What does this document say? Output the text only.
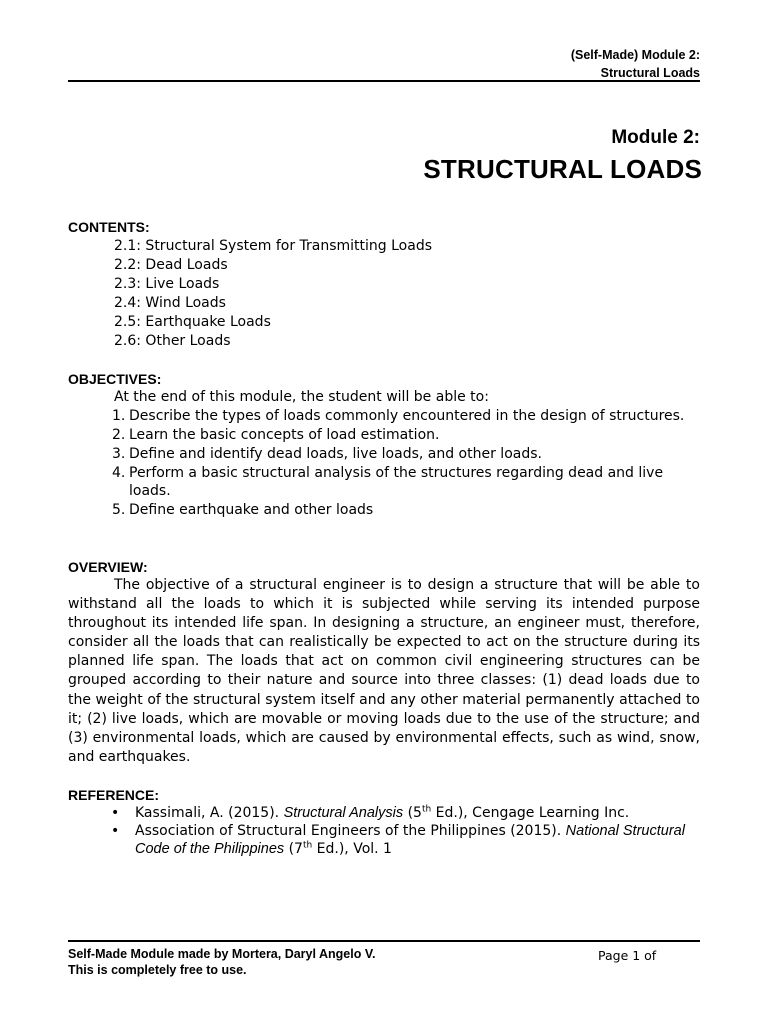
(Self-Made) Module 2:
Structural Loads
Module 2:
STRUCTURAL LOADS
CONTENTS:
2.1: Structural System for Transmitting Loads
2.2: Dead Loads
2.3: Live Loads
2.4: Wind Loads
2.5: Earthquake Loads
2.6: Other Loads
OBJECTIVES:
At the end of this module, the student will be able to:
1. Describe the types of loads commonly encountered in the design of structures.
2. Learn the basic concepts of load estimation.
3. Define and identify dead loads, live loads, and other loads.
4. Perform a basic structural analysis of the structures regarding dead and live loads.
5. Define earthquake and other loads
OVERVIEW:
The objective of a structural engineer is to design a structure that will be able to withstand all the loads to which it is subjected while serving its intended purpose throughout its intended life span. In designing a structure, an engineer must, therefore, consider all the loads that can realistically be expected to act on the structure during its planned life span. The loads that act on common civil engineering structures can be grouped according to their nature and source into three classes: (1) dead loads due to the weight of the structural system itself and any other material permanently attached to it; (2) live loads, which are movable or moving loads due to the use of the structure; and (3) environmental loads, which are caused by environmental effects, such as wind, snow, and earthquakes.
REFERENCE:
•	Kassimali, A. (2015). Structural Analysis (5th Ed.), Cengage Learning Inc.
•	Association of Structural Engineers of the Philippines (2015). National Structural Code of the Philippines (7th Ed.), Vol. 1
Self-Made Module made by Mortera, Daryl Angelo V.
This is completely free to use.
Page 1 of
